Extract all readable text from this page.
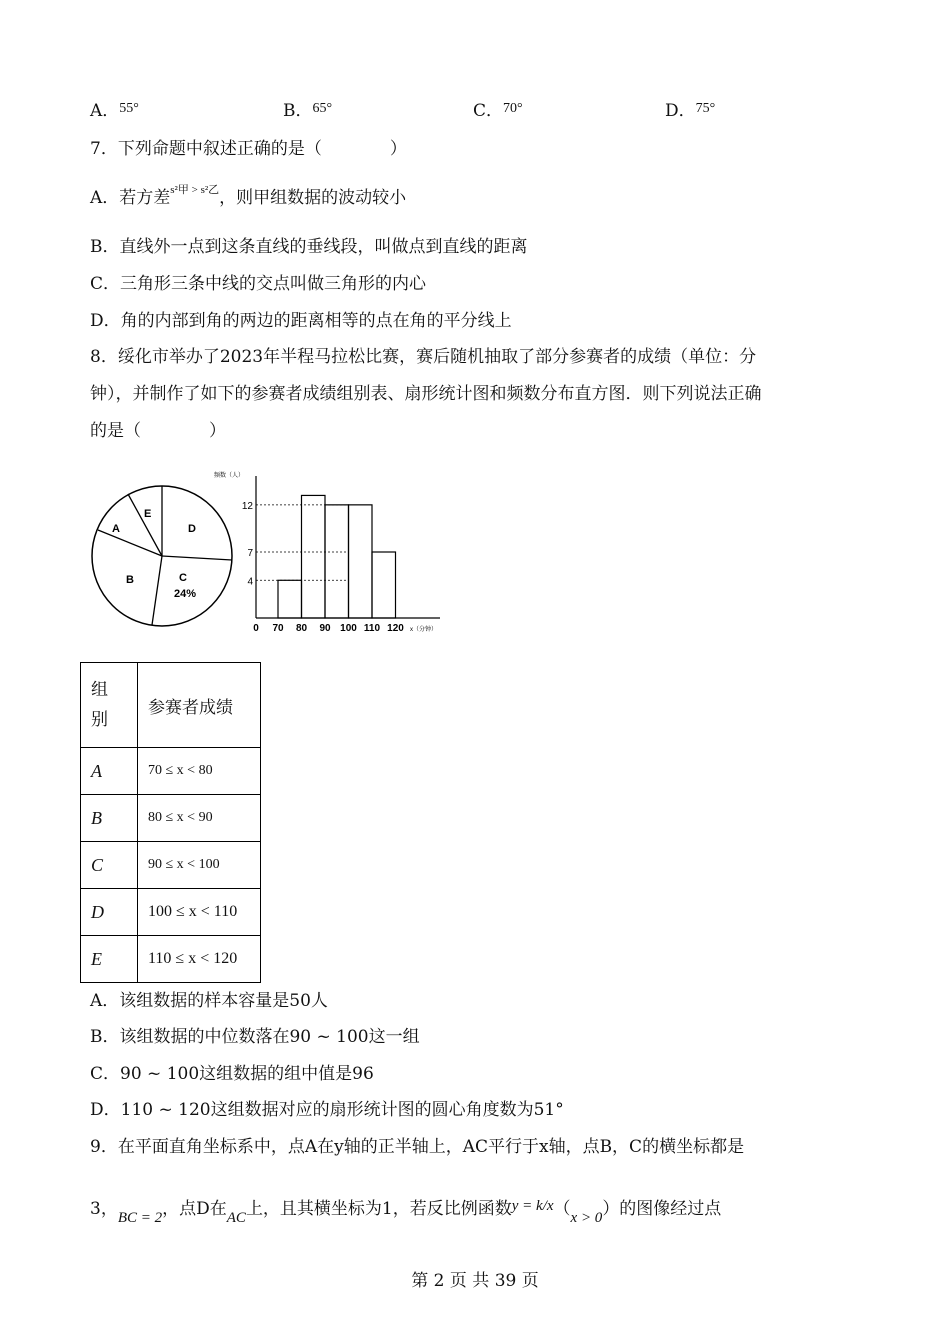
A．$^{55^\circ}$	B．$^{65^\circ}$	C．$^{70^\circ}$	D．$^{75^\circ}$
7．下列命题中叙述正确的是（　　　　）
A．若方差$^{s^2甲 > s^2乙}$，则甲组数据的波动较小
B．直线外一点到这条直线的垂线段，叫做点到直线的距离
C．三角形三条中线的交点叫做三角形的内心
D．角的内部到角的两边的距离相等的点在角的平分线上
8．绥化市举办了2023年半程马拉松比赛，赛后随机抽取了部分参赛者的成绩（单位：分
钟），并制作了如下的参赛者成绩组别表、扇形统计图和频数分布直方图．则下列说法正确
的是（　　　　）
A
E
D
B	C
24%
频数（人）
x（分钟）
0 70 80 90 100 110 120
4
7
12
组
别	参赛者成绩
A	70 ≤ x < 80
B	80 ≤ x < 90
C	90 ≤ x < 100
D	100 ≤ x < 110
E	110 ≤ x < 120
A．该组数据的样本容量是50人
B．该组数据的中位数落在90 ~ 100这一组
C．90 ~ 100这组数据的组中值是96
D．110 ~ 120这组数据对应的扇形统计图的圆心角度数为51°
9．在平面直角坐标系中，点A在y轴的正半轴上，AC平行于x轴，点B，C的横坐标都是
3，BC = 2，点D在AC上，且其横坐标为1，若反比例函数y = k/x（x > 0）的图像经过点
第 2 页 共 39 页
